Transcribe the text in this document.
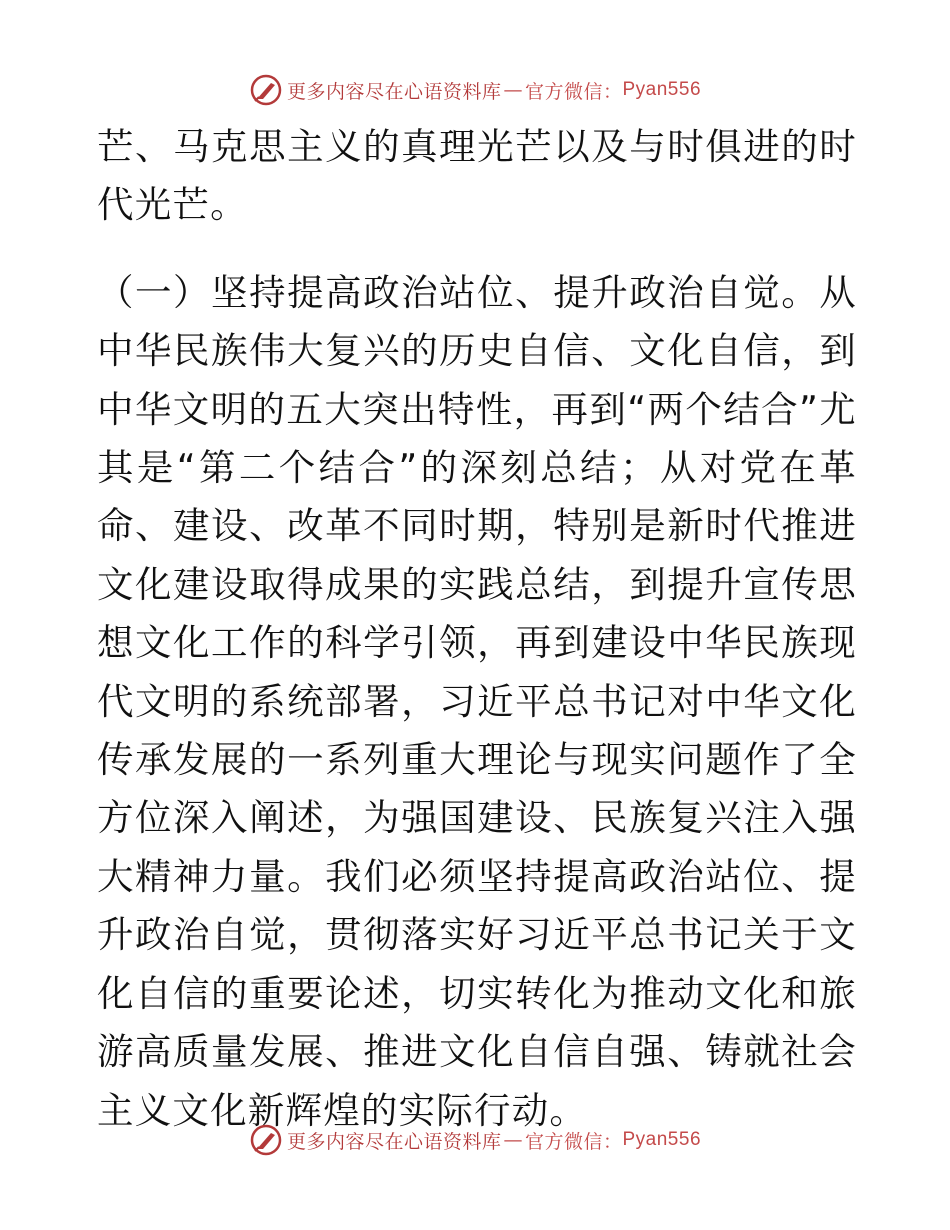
更多内容尽在心语资料库 — 官方微信： Pyan556

芒、马克思主义的真理光芒以及与时俱进的时代光芒。

（一）坚持提高政治站位、提升政治自觉。从中华民族伟大复兴的历史自信、文化自信，到中华文明的五大突出特性，再到“两个结合”尤其是“第二个结合”的深刻总结；从对党在革命、建设、改革不同时期，特别是新时代推进文化建设取得成果的实践总结，到提升宣传思想文化工作的科学引领，再到建设中华民族现代文明的系统部署，习近平总书记对中华文化传承发展的一系列重大理论与现实问题作了全方位深入阐述，为强国建设、民族复兴注入强大精神力量。我们必须坚持提高政治站位、提升政治自觉，贯彻落实好习近平总书记关于文化自信的重要论述，切实转化为推动文化和旅游高质量发展、推进文化自信自强、铸就社会主义文化新辉煌的实际行动。

更多内容尽在心语资料库 — 官方微信： Pyan556
